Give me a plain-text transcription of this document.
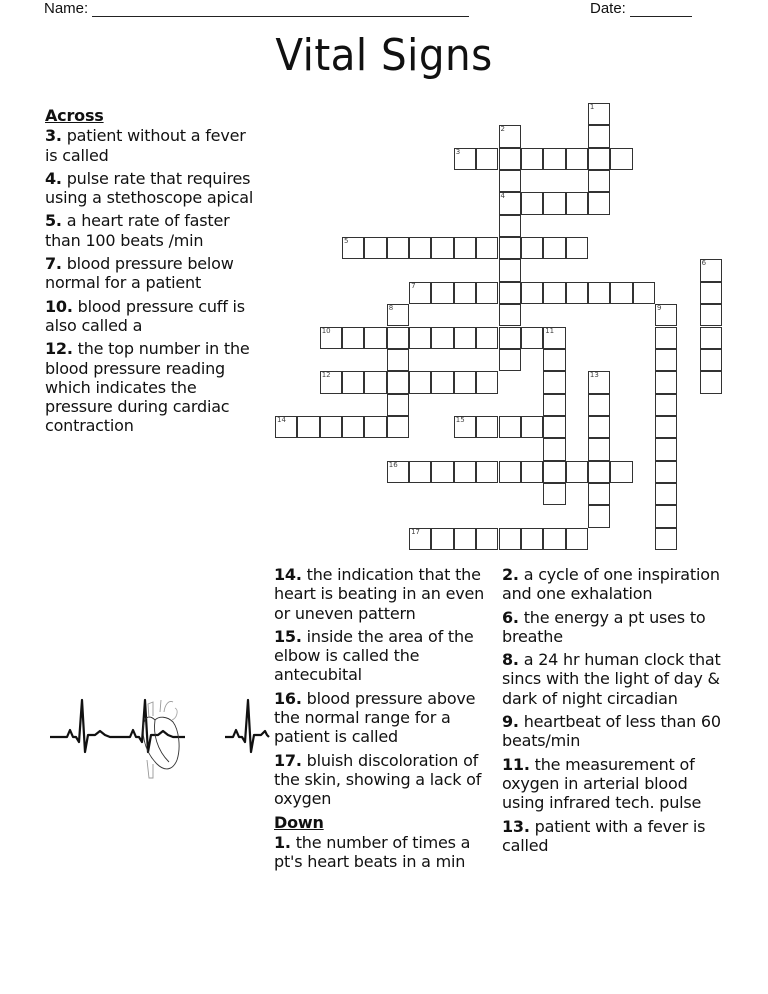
Name:	Date:
Vital Signs
Across
3. patient without a fever is called
4. pulse rate that requires using a stethoscope apical
5. a heart rate of faster than 100 beats /min
7. blood pressure below normal for a patient
10. blood pressure cuff is also called a
12. the top number in the blood pressure reading which indicates the pressure during cardiac contraction
14. the indication that the heart is beating in an even or uneven pattern
15. inside the area of the elbow is called the antecubital
16. blood pressure above the normal range for a patient is called
17. bluish discoloration of the skin, showing a lack of oxygen
Down
1. the number of times a pt's heart beats in a min
2. a cycle of one inspiration and one exhalation
6. the energy a pt uses to breathe
8. a 24 hr human clock that sincs with the light of day & dark of night circadian
9. heartbeat of less than 60 beats/min
11. the measurement of oxygen in arterial blood using infrared tech. pulse
13. patient with a fever is called
1
2
4
3
5
6
7
8	9
10	11
12	13
14	15
16
17
